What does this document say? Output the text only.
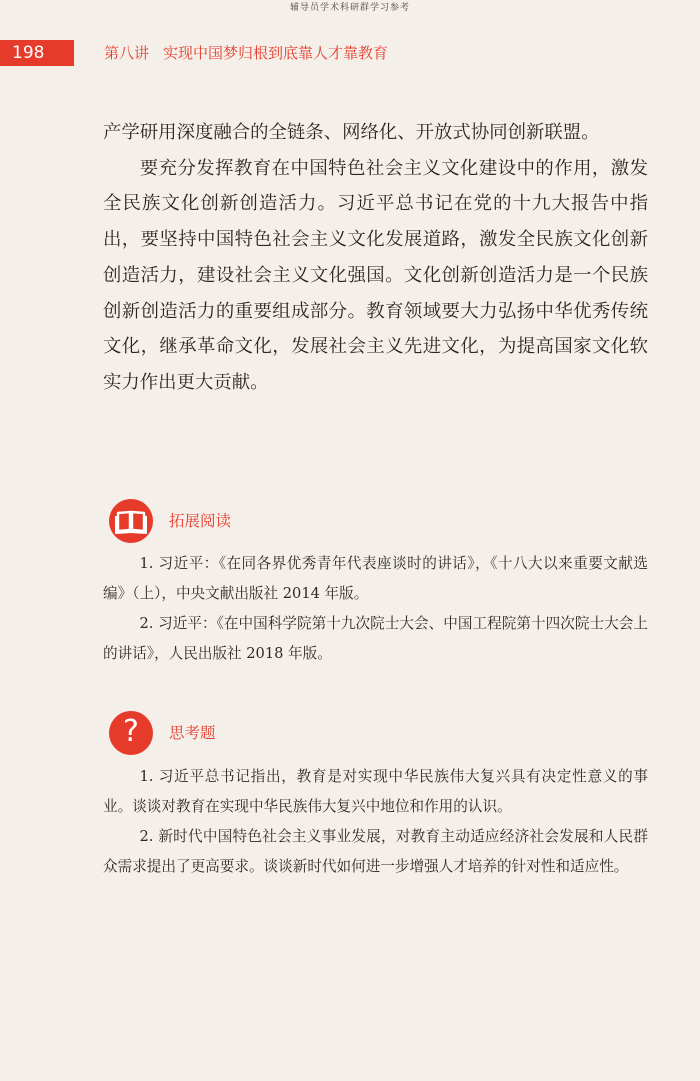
辅导员学术科研群学习参考
198	第八讲 实现中国梦归根到底靠人才靠教育

产学研用深度融合的全链条、网络化、开放式协同创新联盟。

要充分发挥教育在中国特色社会主义文化建设中的作用，激发全民族文化创新创造活力。习近平总书记在党的十九大报告中指出，要坚持中国特色社会主义文化发展道路，激发全民族文化创新创造活力，建设社会主义文化强国。文化创新创造活力是一个民族创新创造活力的重要组成部分。教育领域要大力弘扬中华优秀传统文化，继承革命文化，发展社会主义先进文化，为提高国家文化软实力作出更大贡献。

拓展阅读

1. 习近平：《在同各界优秀青年代表座谈时的讲话》，《十八大以来重要文献选编》（上），中央文献出版社 2014 年版。

2. 习近平：《在中国科学院第十九次院士大会、中国工程院第十四次院士大会上的讲话》，人民出版社 2018 年版。

?	思考题

1. 习近平总书记指出，教育是对实现中华民族伟大复兴具有决定性意义的事业。谈谈对教育在实现中华民族伟大复兴中地位和作用的认识。

2. 新时代中国特色社会主义事业发展，对教育主动适应经济社会发展和人民群众需求提出了更高要求。谈谈新时代如何进一步增强人才培养的针对性和适应性。
